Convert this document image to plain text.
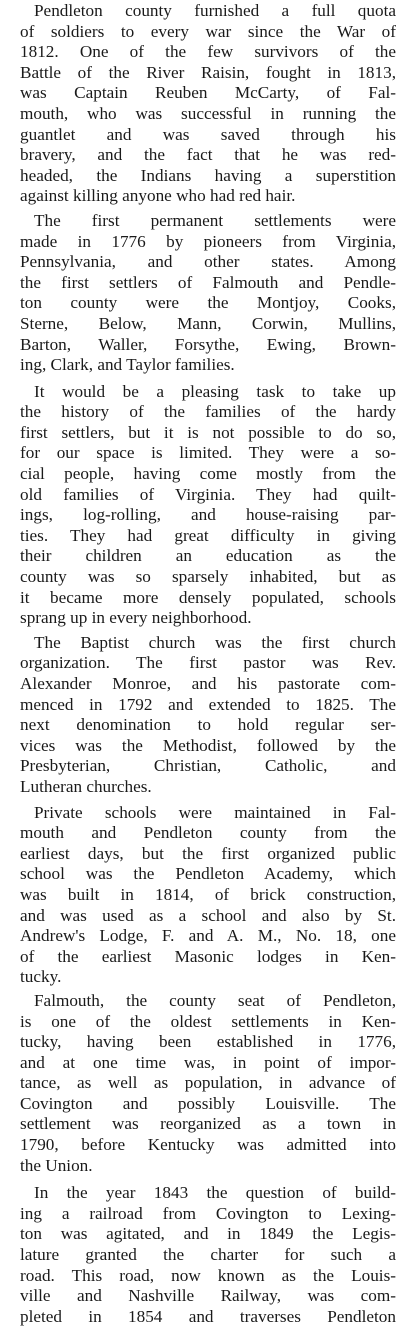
Pendleton county furnished a full quota
of soldiers to every war since the War of
1812. One of the few survivors of the
Battle of the River Raisin, fought in 1813,
was Captain Reuben McCarty, of Fal-
mouth, who was successful in running the
guantlet and was saved through his
bravery, and the fact that he was red-
headed, the Indians having a superstition
against killing anyone who had red hair.
The first permanent settlements were
made in 1776 by pioneers from Virginia,
Pennsylvania, and other states. Among
the first settlers of Falmouth and Pendle-
ton county were the Montjoy, Cooks,
Sterne, Below, Mann, Corwin, Mullins,
Barton, Waller, Forsythe, Ewing, Brown-
ing, Clark, and Taylor families.
It would be a pleasing task to take up
the history of the families of the hardy
first settlers, but it is not possible to do so,
for our space is limited. They were a so-
cial people, having come mostly from the
old families of Virginia. They had quilt-
ings, log-rolling, and house-raising par-
ties. They had great difficulty in giving
their children an education as the
county was so sparsely inhabited, but as
it became more densely populated, schools
sprang up in every neighborhood.
The Baptist church was the first church
organization. The first pastor was Rev.
Alexander Monroe, and his pastorate com-
menced in 1792 and extended to 1825. The
next denomination to hold regular ser-
vices was the Methodist, followed by the
Presbyterian, Christian, Catholic, and
Lutheran churches.
Private schools were maintained in Fal-
mouth and Pendleton county from the
earliest days, but the first organized public
school was the Pendleton Academy, which
was built in 1814, of brick construction,
and was used as a school and also by St.
Andrew's Lodge, F. and A. M., No. 18, one
of the earliest Masonic lodges in Ken-
tucky.
Falmouth, the county seat of Pendleton,
is one of the oldest settlements in Ken-
tucky, having been established in 1776,
and at one time was, in point of impor-
tance, as well as population, in advance of
Covington and possibly Louisville. The
settlement was reorganized as a town in
1790, before Kentucky was admitted into
the Union.
In the year 1843 the question of build-
ing a railroad from Covington to Lexing-
ton was agitated, and in 1849 the Legis-
lature granted the charter for such a
road. This road, now known as the Louis-
ville and Nashville Railway, was com-
pleted in 1854 and traverses Pendleton
